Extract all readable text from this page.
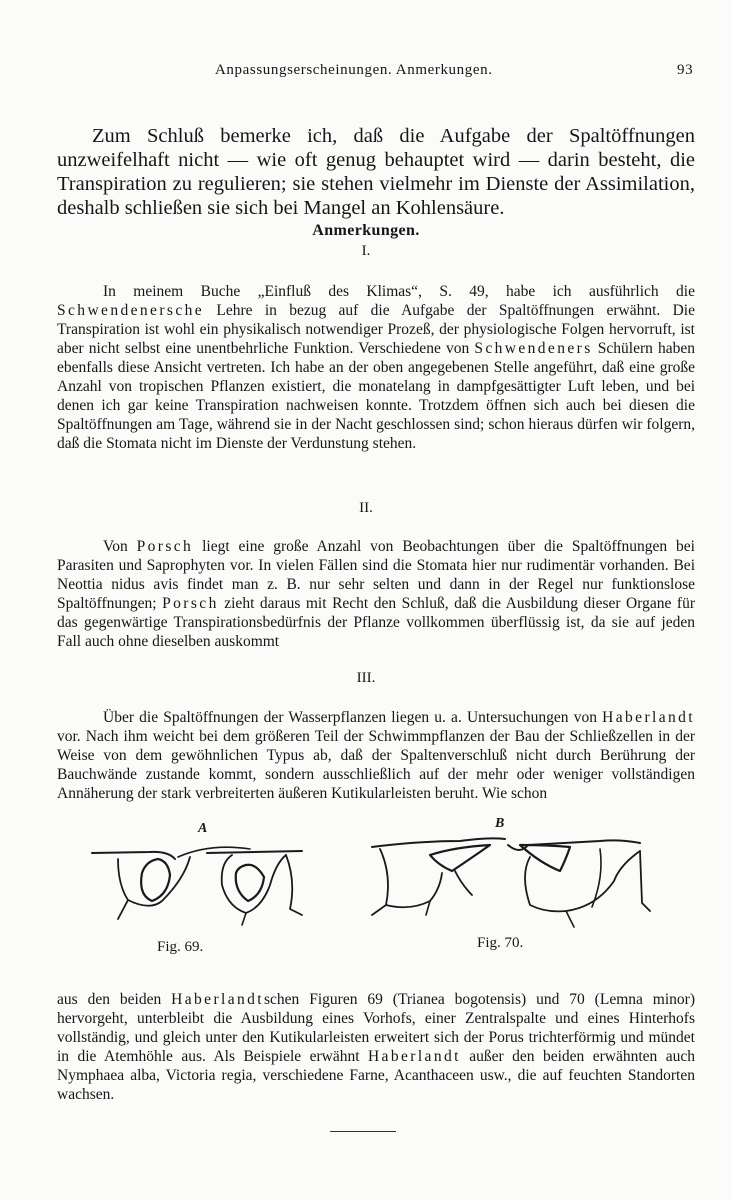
Anpassungserscheinungen. Anmerkungen.	93

Zum Schluß bemerke ich, daß die Aufgabe der Spaltöffnungen unzweifelhaft nicht — wie oft genug behauptet wird — darin besteht, die Transpiration zu regulieren; sie stehen vielmehr im Dienste der Assimilation, deshalb schließen sie sich bei Mangel an Kohlensäure.

Anmerkungen.
I.

In meinem Buche „Einfluß des Klimas“, S. 49, habe ich ausführlich die Schwendenersche Lehre in bezug auf die Aufgabe der Spaltöffnungen erwähnt. Die Transpiration ist wohl ein physikalisch notwendiger Prozeß, der physiologische Folgen hervorruft, ist aber nicht selbst eine unentbehrliche Funktion. Verschiedene von Schwendeners Schülern haben ebenfalls diese Ansicht vertreten. Ich habe an der oben angegebenen Stelle angeführt, daß eine große Anzahl von tropischen Pflanzen existiert, die monatelang in dampfgesättigter Luft leben, und bei denen ich gar keine Transpiration nachweisen konnte. Trotzdem öffnen sich auch bei diesen die Spaltöffnungen am Tage, während sie in der Nacht geschlossen sind; schon hieraus dürfen wir folgern, daß die Stomata nicht im Dienste der Verdunstung stehen.

II.

Von Porsch liegt eine große Anzahl von Beobachtungen über die Spaltöffnungen bei Parasiten und Saprophyten vor. In vielen Fällen sind die Stomata hier nur rudimentär vorhanden. Bei Neottia nidus avis findet man z. B. nur sehr selten und dann in der Regel nur funktionslose Spaltöffnungen; Porsch zieht daraus mit Recht den Schluß, daß die Ausbildung dieser Organe für das gegenwärtige Transpirationsbedürfnis der Pflanze vollkommen überflüssig ist, da sie auf jeden Fall auch ohne dieselben auskommt

III.

Über die Spaltöffnungen der Wasserpflanzen liegen u. a. Untersuchungen von Haberlandt vor. Nach ihm weicht bei dem größeren Teil der Schwimmpflanzen der Bau der Schließzellen in der Weise von dem gewöhnlichen Typus ab, daß der Spaltenverschluß nicht durch Berührung der Bauchwände zustande kommt, sondern ausschließlich auf der mehr oder weniger vollständigen Annäherung der stark verbreiterten äußeren Kutikularleisten beruht. Wie schon

A	B
Fig. 69.	Fig. 70.

aus den beiden Haberlandtschen Figuren 69 (Trianea bogotensis) und 70 (Lemna minor) hervorgeht, unterbleibt die Ausbildung eines Vorhofs, einer Zentralspalte und eines Hinterhofs vollständig, und gleich unter den Kutikularleisten erweitert sich der Porus trichterförmig und mündet in die Atemhöhle aus. Als Beispiele erwähnt Haberlandt außer den beiden erwähnten auch Nymphaea alba, Victoria regia, verschiedene Farne, Acanthaceen usw., die auf feuchten Standorten wachsen.
